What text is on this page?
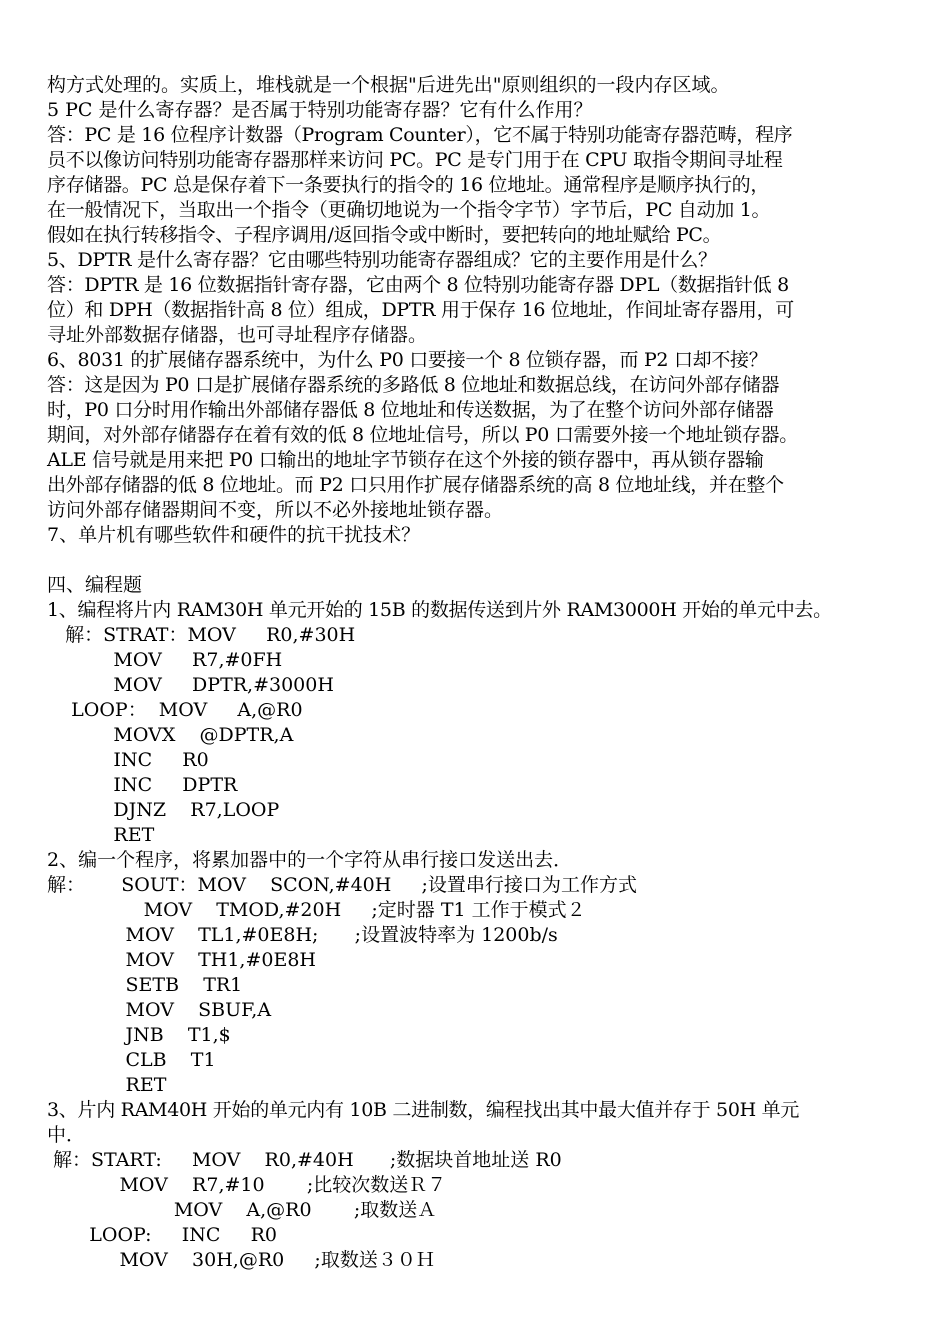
构方式处理的。实质上，堆栈就是一个根据"后进先出"原则组织的一段内存区域。
5 PC 是什么寄存器？是否属于特别功能寄存器？它有什么作用？
答：PC 是 16 位程序计数器（Program Counter），它不属于特别功能寄存器范畴，程序
员不以像访问特别功能寄存器那样来访问 PC。PC 是专门用于在 CPU 取指令期间寻址程
序存储器。PC 总是保存着下一条要执行的指令的 16 位地址。通常程序是顺序执行的，
在一般情况下，当取出一个指令（更确切地说为一个指令字节）字节后，PC 自动加 1。
假如在执行转移指令、子程序调用/返回指令或中断时，要把转向的地址赋给 PC。
5、DPTR 是什么寄存器？它由哪些特别功能寄存器组成？它的主要作用是什么？
答：DPTR 是 16 位数据指针寄存器，它由两个 8 位特别功能寄存器 DPL（数据指针低 8
位）和 DPH（数据指针高 8 位）组成，DPTR 用于保存 16 位地址，作间址寄存器用，可
寻址外部数据存储器，也可寻址程序存储器。
6、8031 的扩展储存器系统中，为什么 P0 口要接一个 8 位锁存器，而 P2 口却不接？
答：这是因为 P0 口是扩展储存器系统的多路低 8 位地址和数据总线，在访问外部存储器
时，P0 口分时用作输出外部储存器低 8 位地址和传送数据，为了在整个访问外部存储器
期间，对外部存储器存在着有效的低 8 位地址信号，所以 P0 口需要外接一个地址锁存器。
ALE 信号就是用来把 P0 口输出的地址字节锁存在这个外接的锁存器中，再从锁存器输
出外部存储器的低 8 位地址。而 P2 口只用作扩展存储器系统的高 8 位地址线，并在整个
访问外部存储器期间不变，所以不必外接地址锁存器。
7、单片机有哪些软件和硬件的抗干扰技术？
四、编程题
1、编程将片内 RAM30H 单元开始的 15B 的数据传送到片外 RAM3000H 开始的单元中去。
解：STRAT：MOV     R0,#30H
MOV     R7,#0FH
MOV     DPTR,#3000H
LOOP：  MOV     A,@R0
MOVX    @DPTR,A
INC     R0
INC     DPTR
DJNZ    R7,LOOP
RET
2、编一个程序，将累加器中的一个字符从串行接口发送出去．
解：      SOUT：MOV    SCON,#40H     ;设置串行接口为工作方式
MOV    TMOD,#20H     ;定时器 T1 工作于模式２
MOV    TL1,#0E8H;      ;设置波特率为 1200b/s
MOV    TH1,#0E8H
SETB    TR1
MOV    SBUF,A
JNB    T1,$
CLB    T1
RET
3、片内 RAM40H 开始的单元内有 10B 二进制数，编程找出其中最大值并存于 50H 单元
中．
解：START:     MOV    R0,#40H      ;数据块首地址送 R0
MOV    R7,#10       ;比较次数送Ｒ７
MOV    A,@R0       ;取数送Ａ
LOOP:     INC     R0
MOV    30H,@R0     ;取数送３０Ｈ
